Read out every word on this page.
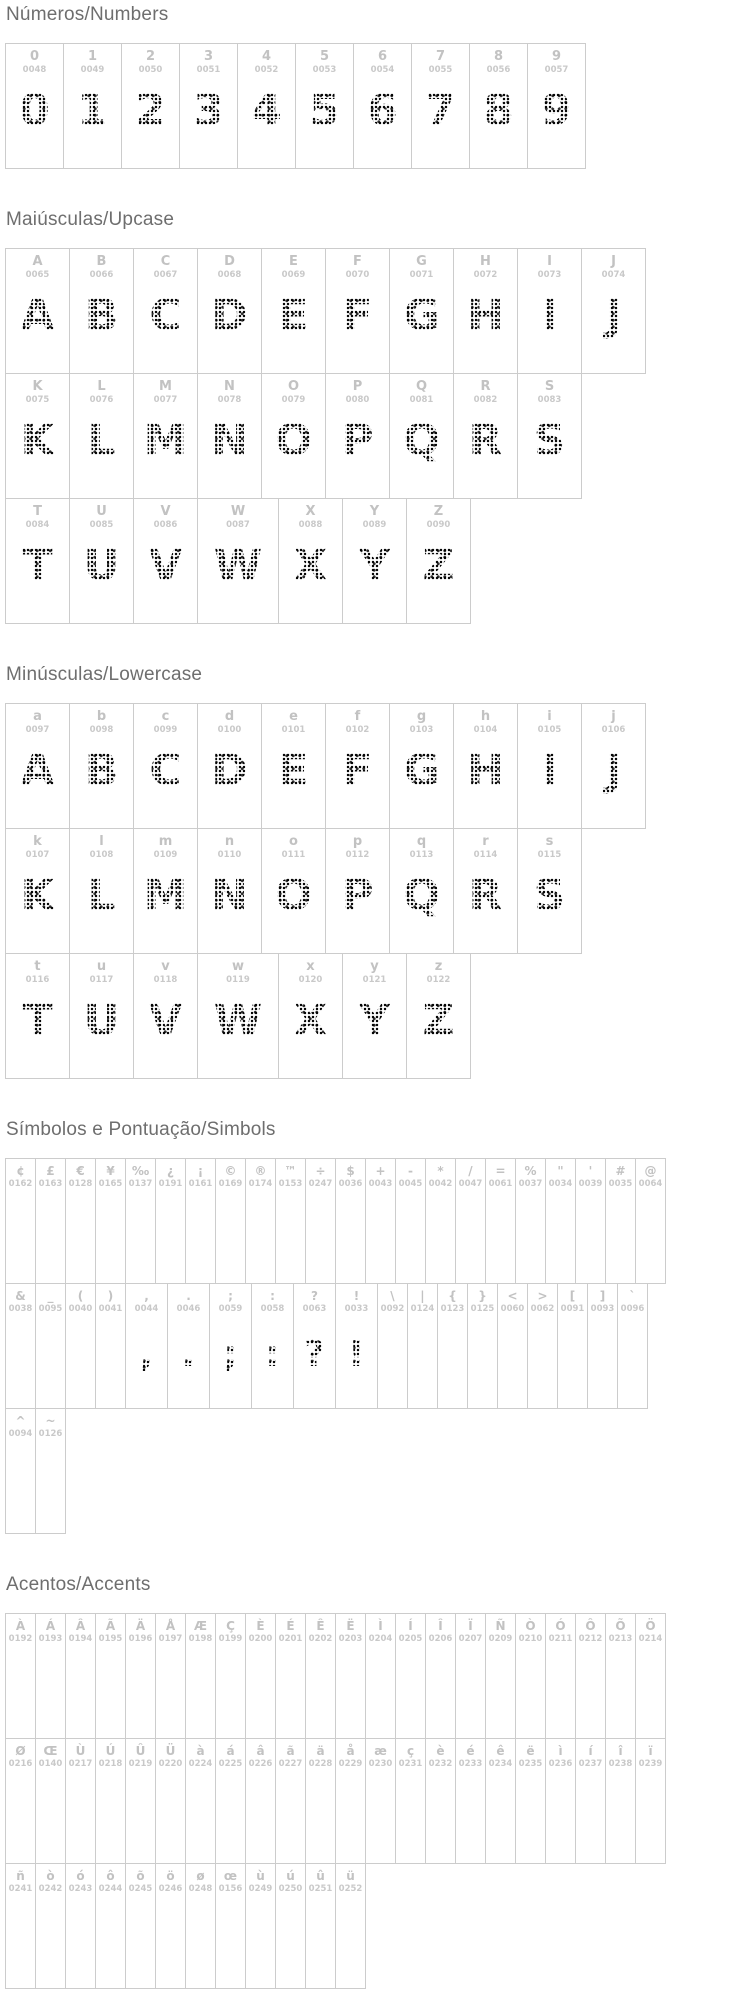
Números/Numbers
0
0048
0

1
0049
1

2
0050
2

3
0051
3

4
0052
4

5
0053
5

6
0054
6

7
0055
7

8
0056
8

9
0057
9
Maiúsculas/Upcase
A
0065
A

B
0066
B

C
0067
C

D
0068
D

E
0069
E

F
0070
F

G
0071
G

H
0072
H

I
0073
I

J
0074
J
K
0075
K

L
0076
L

M
0077
M

N
0078
N

O
0079
O

P
0080
P

Q
0081
Q

R
0082
R

S
0083
S
T
0084
T

U
0085
U

V
0086
V

W
0087
W

X
0088
X

Y
0089
Y

Z
0090
Z
Minúsculas/Lowercase
a
0097
A

b
0098
B

c
0099
C

d
0100
D

e
0101
E

f
0102
F

g
0103
G

h
0104
H

i
0105
I

j
0106
J
k
0107
K

l
0108
L

m
0109
M

n
0110
N

o
0111
O

p
0112
P

q
0113
Q

r
0114
R

s
0115
S
t
0116
T

u
0117
U

v
0118
V

w
0119
W

x
0120
X

y
0121
Y

z
0122
Z
Símbolos e Pontuação/Simbols
¢
0162

£
0163

€
0128

¥
0165

‰
0137

¿
0191

¡
0161

©
0169

®
0174

™
0153

÷
0247

$
0036

+
0043

-
0045

*
0042

/
0047

=
0061

%
0037

"
0034

'
0039

#
0035

@
0064
&
0038

_
0095

(
0040

)
0041

,
0044
,

.
0046
.

;
0059
;

:
0058
:

?
0063
?

!
0033
!

\
0092

|
0124

{
0123

}
0125

<
0060

>
0062

[
0091

]
0093

`
0096
^
0094

~
0126
Acentos/Accents
À
0192

Á
0193

Â
0194

Ã
0195

Ä
0196

Å
0197

Æ
0198

Ç
0199

È
0200

É
0201

Ê
0202

Ë
0203

Ì
0204

Í
0205

Î
0206

Ï
0207

Ñ
0209

Ò
0210

Ó
0211

Ô
0212

Õ
0213

Ö
0214
Ø
0216

Œ
0140

Ù
0217

Ú
0218

Û
0219

Ü
0220

à
0224

á
0225

â
0226

ã
0227

ä
0228

å
0229

æ
0230

ç
0231

è
0232

é
0233

ê
0234

ë
0235

ì
0236

í
0237

î
0238

ï
0239
ñ
0241

ò
0242

ó
0243

ô
0244

õ
0245

ö
0246

ø
0248

œ
0156

ù
0249

ú
0250

û
0251

ü
0252
